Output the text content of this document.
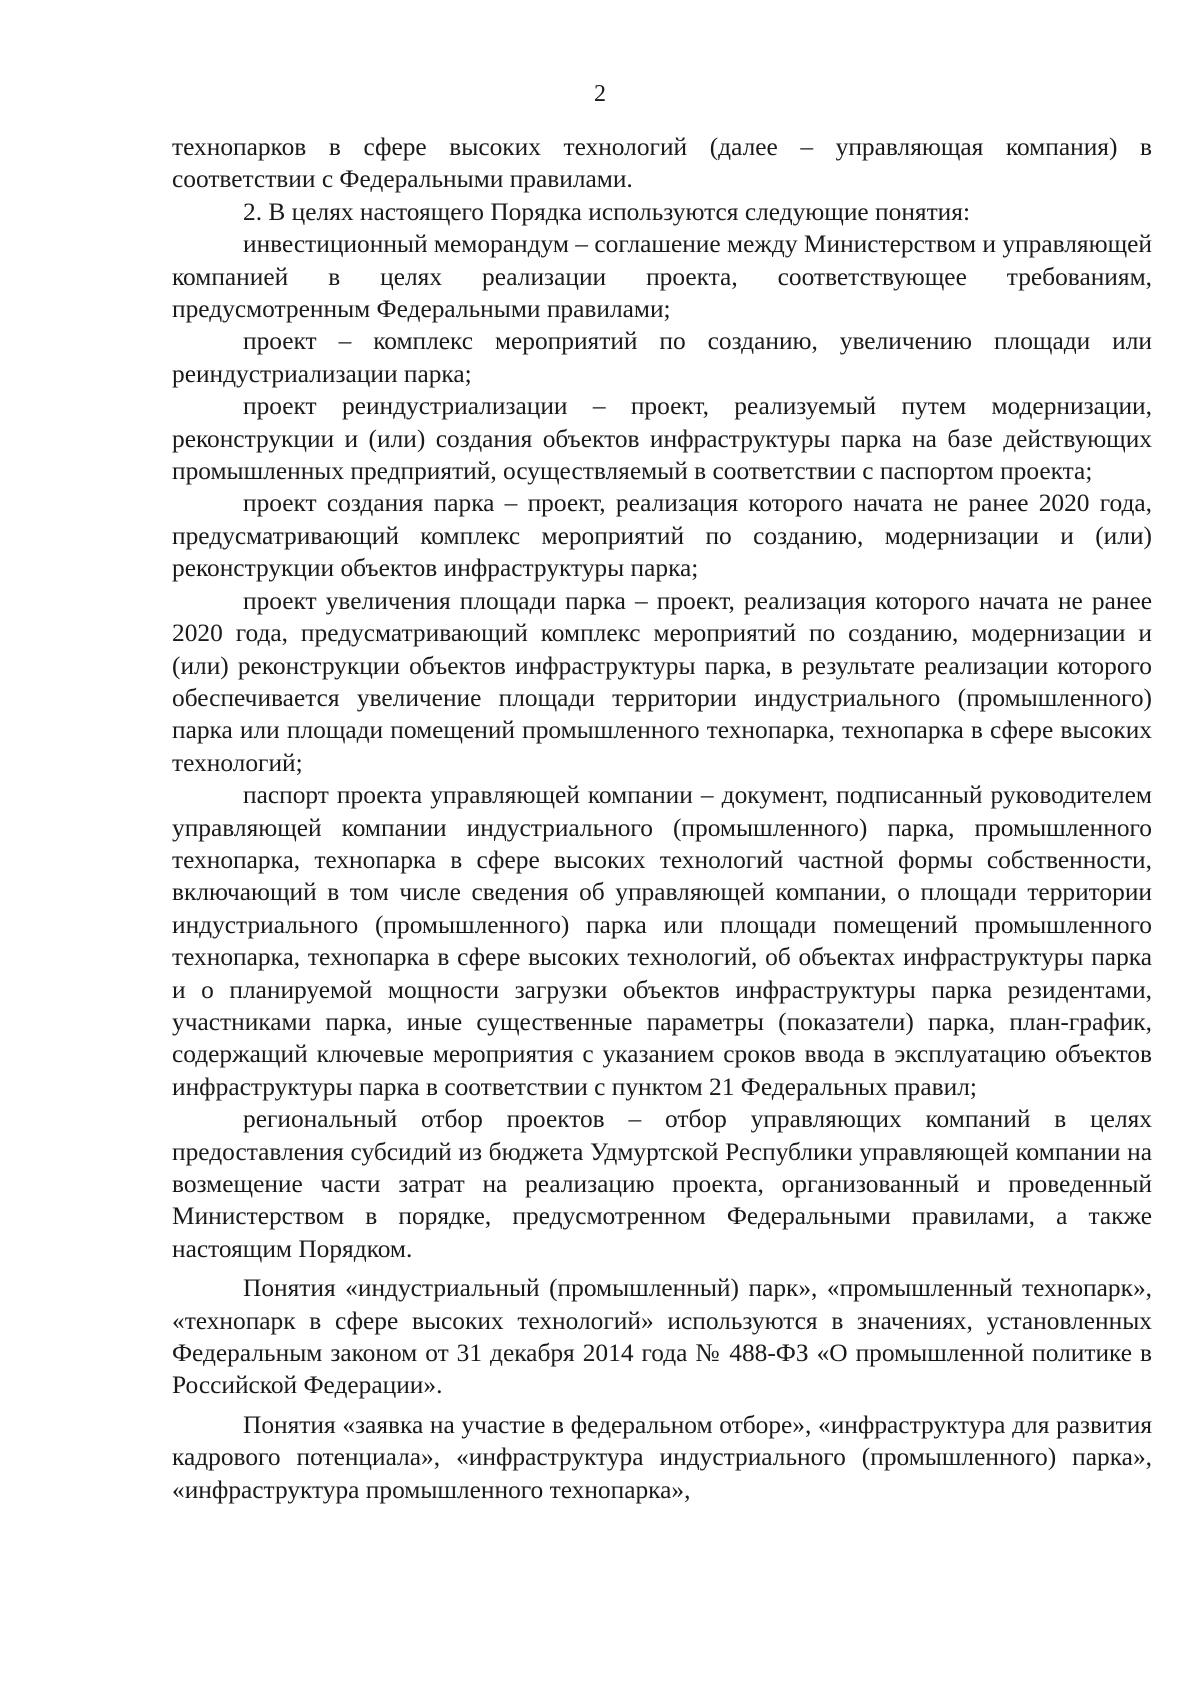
2

технопарков в сфере высоких технологий (далее – управляющая компания) в соответствии с Федеральными правилами.

2. В целях настоящего Порядка используются следующие понятия:

инвестиционный меморандум – соглашение между Министерством и управляющей компанией в целях реализации проекта, соответствующее требованиям, предусмотренным Федеральными правилами;

проект – комплекс мероприятий по созданию, увеличению площади или реиндустриализации парка;

проект реиндустриализации – проект, реализуемый путем модернизации, реконструкции и (или) создания объектов инфраструктуры парка на базе действующих промышленных предприятий, осуществляемый в соответствии с паспортом проекта;

проект создания парка – проект, реализация которого начата не ранее 2020 года, предусматривающий комплекс мероприятий по созданию, модернизации и (или) реконструкции объектов инфраструктуры парка;

проект увеличения площади парка – проект, реализация которого начата не ранее 2020 года, предусматривающий комплекс мероприятий по созданию, модернизации и (или) реконструкции объектов инфраструктуры парка, в результате реализации которого обеспечивается увеличение площади территории индустриального (промышленного) парка или площади помещений промышленного технопарка, технопарка в сфере высоких технологий;

паспорт проекта управляющей компании – документ, подписанный руководителем управляющей компании индустриального (промышленного) парка, промышленного технопарка, технопарка в сфере высоких технологий частной формы собственности, включающий в том числе сведения об управляющей компании, о площади территории индустриального (промышленного) парка или площади помещений промышленного технопарка, технопарка в сфере высоких технологий, об объектах инфраструктуры парка и о планируемой мощности загрузки объектов инфраструктуры парка резидентами, участниками парка, иные существенные параметры (показатели) парка, план-график, содержащий ключевые мероприятия с указанием сроков ввода в эксплуатацию объектов инфраструктуры парка в соответствии с пунктом 21 Федеральных правил;

региональный отбор проектов – отбор управляющих компаний в целях предоставления субсидий из бюджета Удмуртской Республики управляющей компании на возмещение части затрат на реализацию проекта, организованный и проведенный Министерством в порядке, предусмотренном Федеральными правилами, а также настоящим Порядком.

Понятия «индустриальный (промышленный) парк», «промышленный технопарк», «технопарк в сфере высоких технологий» используются в значениях, установленных Федеральным законом от 31 декабря 2014 года № 488-ФЗ «О промышленной политике в Российской Федерации».

Понятия «заявка на участие в федеральном отборе», «инфраструктура для развития кадрового потенциала», «инфраструктура индустриального (промышленного) парка», «инфраструктура промышленного технопарка»,
